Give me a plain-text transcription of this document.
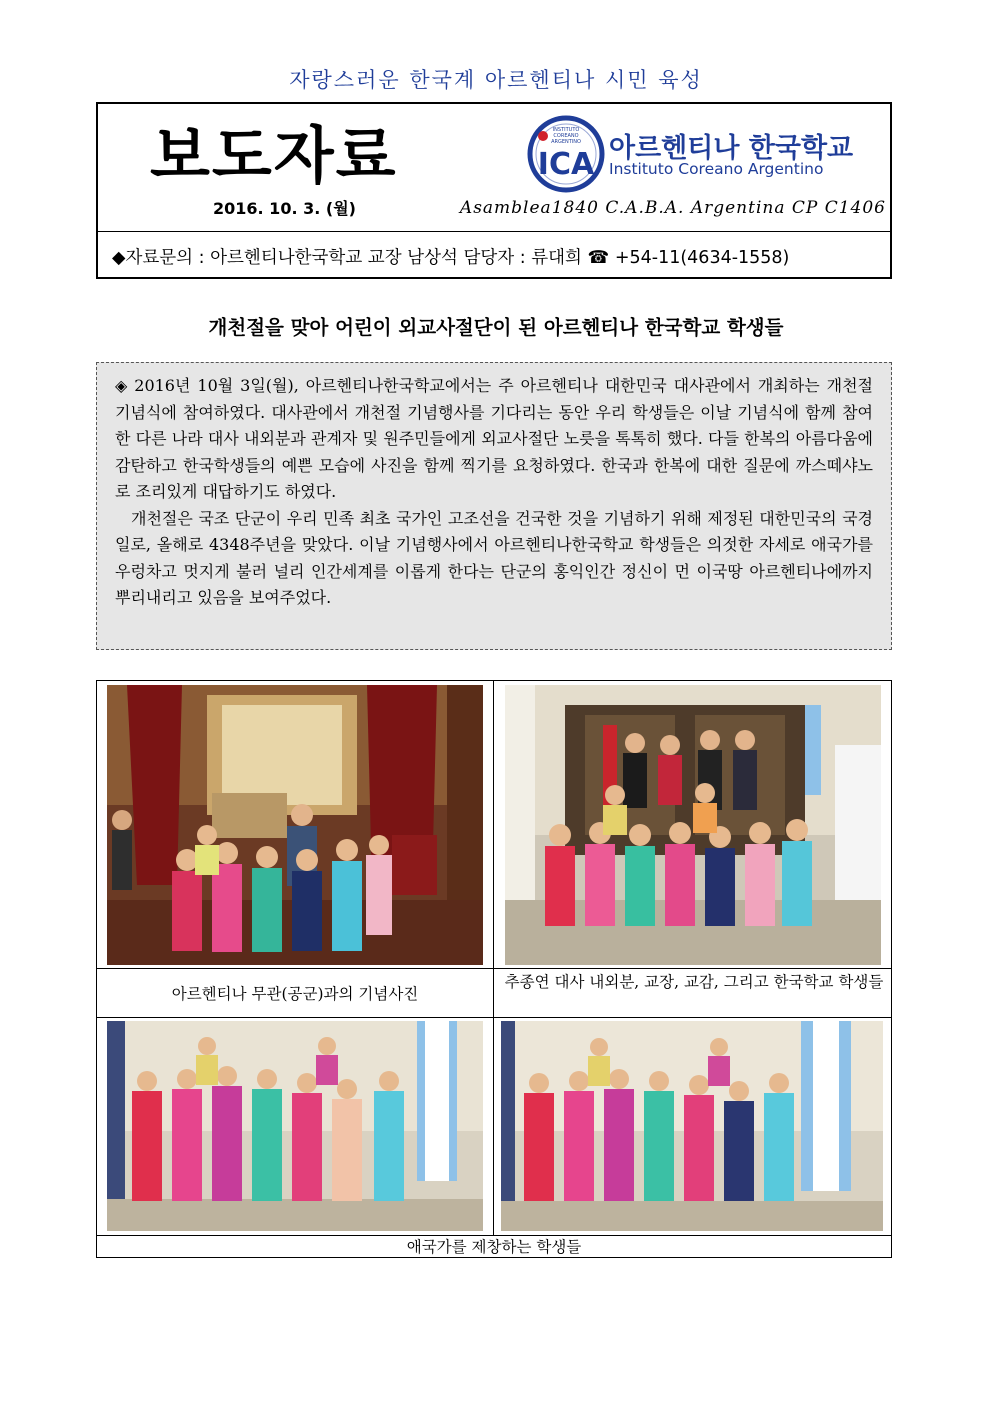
자랑스러운 한국계 아르헨티나 시민 육성
보도자료	INSTITUTO
COREANO
ARGENTINO
ICA 아르헨티나 한국학교
Instituto Coreano Argentino
2016. 10. 3. (월)	Asamblea1840 C.A.B.A. Argentina CP C1406
◆자료문의 : 아르헨티나한국학교 교장 남상석 담당자 : 류대희 ☎ +54-11(4634-1558)
개천절을 맞아 어린이 외교사절단이 된 아르헨티나 한국학교 학생들

◈ 2016년 10월 3일(월), 아르헨티나한국학교에서는 주 아르헨티나 대한민국 대사관에서 개최하는 개천절 기념식에 참여하였다. 대사관에서 개천절 기념행사를 기다리는 동안 우리 학생들은 이날 기념식에 함께 참여한 다른 나라 대사 내외분과 관계자 및 원주민들에게 외교사절단 노릇을 톡톡히 했다. 다들 한복의 아름다움에 감탄하고 한국학생들의 예쁜 모습에 사진을 함께 찍기를 요청하였다. 한국과 한복에 대한 질문에 까스떼샤노로 조리있게 대답하기도 하였다.

개천절은 국조 단군이 우리 민족 최초 국가인 고조선을 건국한 것을 기념하기 위해 제정된 대한민국의 국경일로, 올해로 4348주년을 맞았다. 이날 기념행사에서 아르헨티나한국학교 학생들은 의젓한 자세로 애국가를 우렁차고 멋지게 불러 널리 인간세계를 이롭게 한다는 단군의 홍익인간 정신이 먼 이국땅 아르헨티나에까지 뿌리내리고 있음을 보여주었다.

아르헨티나 무관(공군)과의 기념사진
추종연 대사 내외분, 교장, 교감, 그리고 한국학교 학생들
애국가를 제창하는 학생들
